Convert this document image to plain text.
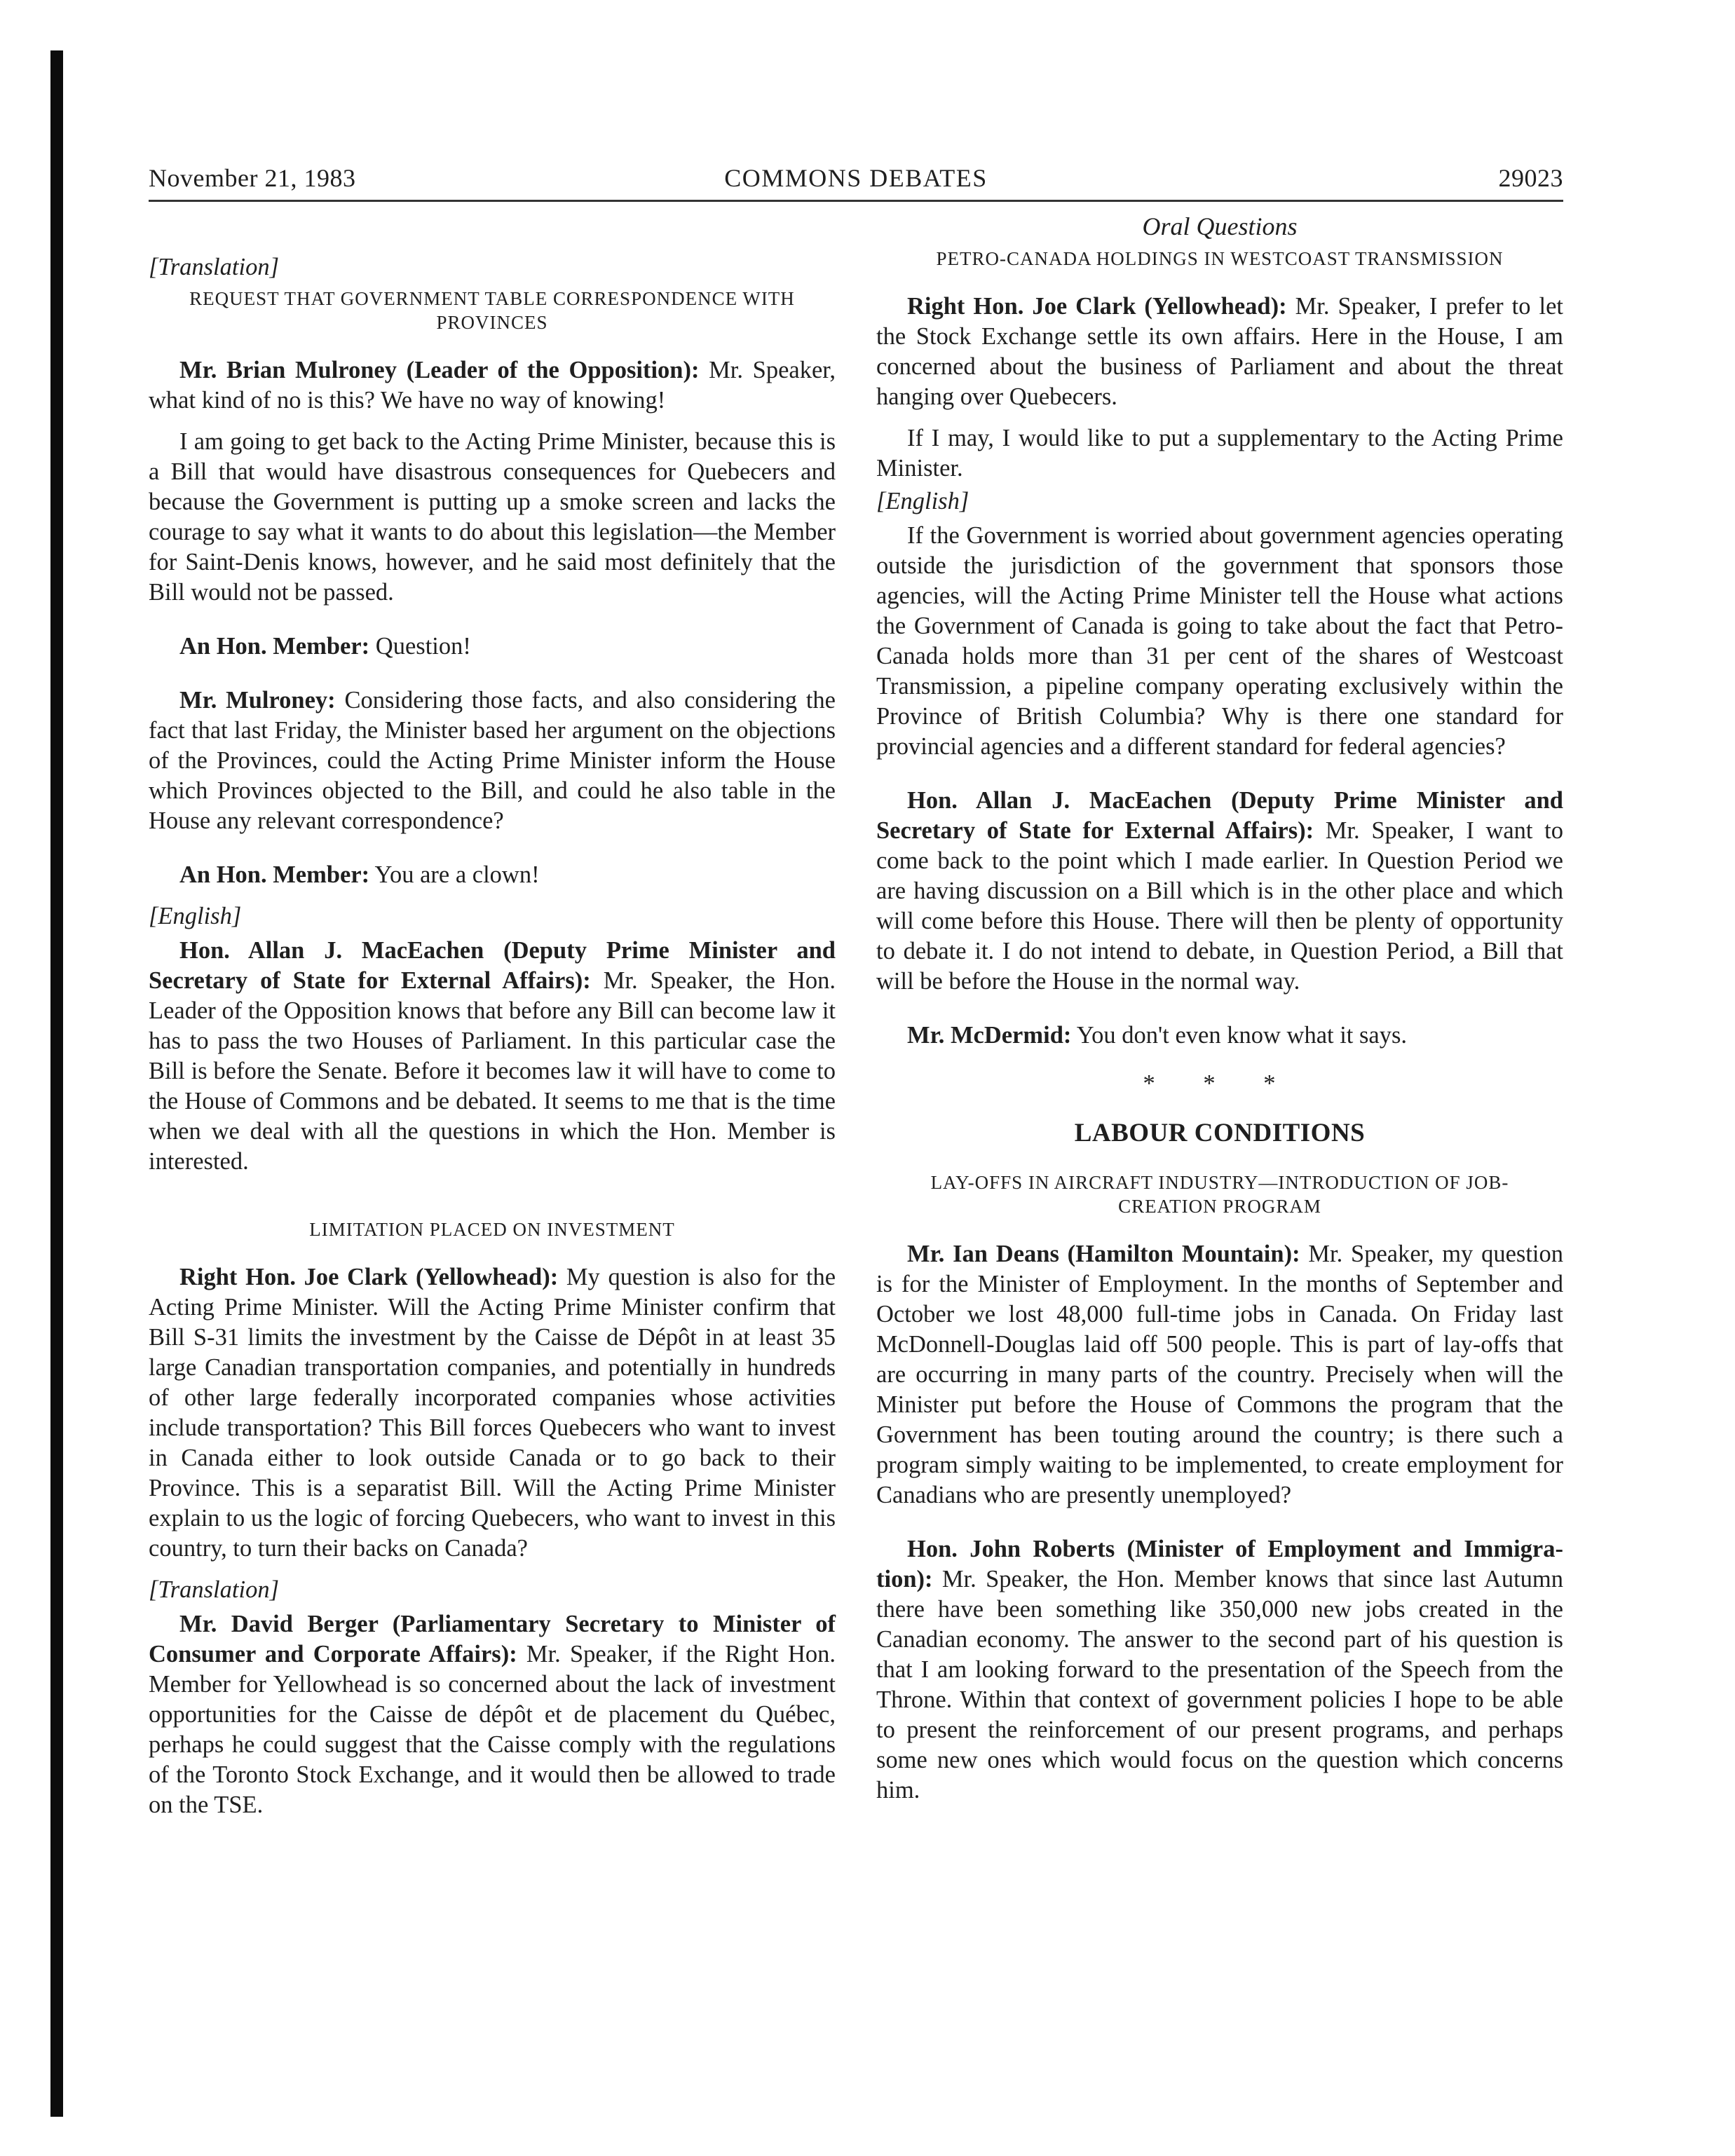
November 21, 1983	COMMONS DEBATES	29023

[Translation]

REQUEST THAT GOVERNMENT TABLE CORRESPONDENCE WITH PROVINCES

Mr. Brian Mulroney (Leader of the Opposition): Mr. Speaker, what kind of no is this? We have no way of knowing!

I am going to get back to the Acting Prime Minister, because this is a Bill that would have disastrous consequences for Quebecers and because the Government is putting up a smoke screen and lacks the courage to say what it wants to do about this legislation—the Member for Saint-Denis knows, however, and he said most definitely that the Bill would not be passed.

An Hon. Member: Question!

Mr. Mulroney: Considering those facts, and also considering the fact that last Friday, the Minister based her argument on the objections of the Provinces, could the Acting Prime Minister inform the House which Provinces objected to the Bill, and could he also table in the House any relevant correspondence?

An Hon. Member: You are a clown!

[English]

Hon. Allan J. MacEachen (Deputy Prime Minister and Secretary of State for External Affairs): Mr. Speaker, the Hon. Leader of the Opposition knows that before any Bill can become law it has to pass the two Houses of Parliament. In this particular case the Bill is before the Senate. Before it becomes law it will have to come to the House of Commons and be debated. It seems to me that is the time when we deal with all the questions in which the Hon. Member is interested.

LIMITATION PLACED ON INVESTMENT

Right Hon. Joe Clark (Yellowhead): My question is also for the Acting Prime Minister. Will the Acting Prime Minister confirm that Bill S-31 limits the investment by the Caisse de Dépôt in at least 35 large Canadian transportation companies, and potentially in hundreds of other large federally incorporated companies whose activities include transportation? This Bill forces Quebecers who want to invest in Canada either to look outside Canada or to go back to their Province. This is a separatist Bill. Will the Acting Prime Minister explain to us the logic of forcing Quebecers, who want to invest in this country, to turn their backs on Canada?

[Translation]

Mr. David Berger (Parliamentary Secretary to Minister of Consumer and Corporate Affairs): Mr. Speaker, if the Right Hon. Member for Yellowhead is so concerned about the lack of investment opportunities for the Caisse de dépôt et de placement du Québec, perhaps he could suggest that the Caisse comply with the regulations of the Toronto Stock Exchange, and it would then be allowed to trade on the TSE.

Oral Questions

PETRO-CANADA HOLDINGS IN WESTCOAST TRANSMISSION

Right Hon. Joe Clark (Yellowhead): Mr. Speaker, I prefer to let the Stock Exchange settle its own affairs. Here in the House, I am concerned about the business of Parliament and about the threat hanging over Quebecers.

If I may, I would like to put a supplementary to the Acting Prime Minister.

[English]

If the Government is worried about government agencies operating outside the jurisdiction of the government that sponsors those agencies, will the Acting Prime Minister tell the House what actions the Government of Canada is going to take about the fact that Petro-Canada holds more than 31 per cent of the shares of Westcoast Transmission, a pipeline company operating exclusively within the Province of British Columbia? Why is there one standard for provincial agencies and a different standard for federal agencies?

Hon. Allan J. MacEachen (Deputy Prime Minister and Secretary of State for External Affairs): Mr. Speaker, I want to come back to the point which I made earlier. In Question Period we are having discussion on a Bill which is in the other place and which will come before this House. There will then be plenty of opportunity to debate it. I do not intend to debate, in Question Period, a Bill that will be before the House in the normal way.

Mr. McDermid: You don't even know what it says.

* * *

LABOUR CONDITIONS

LAY-OFFS IN AIRCRAFT INDUSTRY—INTRODUCTION OF JOB-CREATION PROGRAM

Mr. Ian Deans (Hamilton Mountain): Mr. Speaker, my question is for the Minister of Employment. In the months of September and October we lost 48,000 full-time jobs in Canada. On Friday last McDonnell-Douglas laid off 500 people. This is part of lay-offs that are occurring in many parts of the country. Precisely when will the Minister put before the House of Commons the program that the Government has been touting around the country; is there such a program simply waiting to be implemented, to create employment for Canadians who are presently unemployed?

Hon. John Roberts (Minister of Employment and Immigration): Mr. Speaker, the Hon. Member knows that since last Autumn there have been something like 350,000 new jobs created in the Canadian economy. The answer to the second part of his question is that I am looking forward to the presentation of the Speech from the Throne. Within that context of government policies I hope to be able to present the reinforcement of our present programs, and perhaps some new ones which would focus on the question which concerns him.
